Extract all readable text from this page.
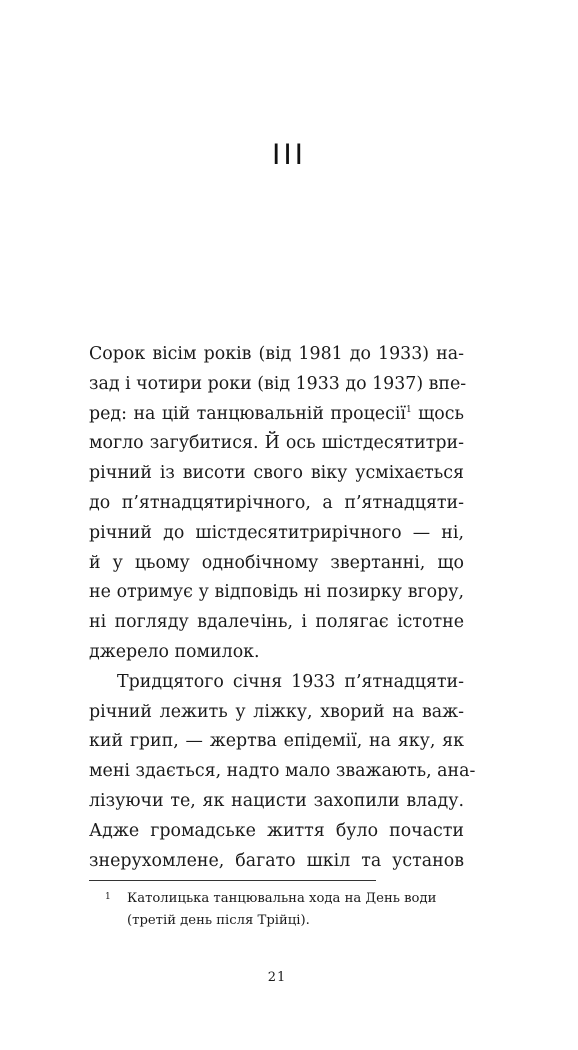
III
Сорок вісім років (від 1981 до 1933) на-
зад і чотири роки (від 1933 до 1937) впе-
ред: на цій танцювальній процесії$^1$ щось
могло загубитися. Й ось шістдесятитри-
річний із висоти свого віку усміхається
до п’ятнадцятирічного, а п’ятнадцяти-
річний до шістдесятитрирічного — ні,
й у цьому однобічному звертанні, що
не отримує у відповідь ні позирку вгору,
ні погляду вдалечінь, і полягає істотне
джерело помилок.
Тридцятого січня 1933 п’ятнадцяти-
річний лежить у ліжку, хворий на важ-
кий грип, — жертва епідемії, на яку, як
мені здається, надто мало зважають, ана-
лізуючи те, як нацисти захопили владу.
Адже громадське життя було почасти
знерухомлене, багато шкіл та установ
1	Католицька танцювальна хода на День води
(третій день після Трійці).
21
